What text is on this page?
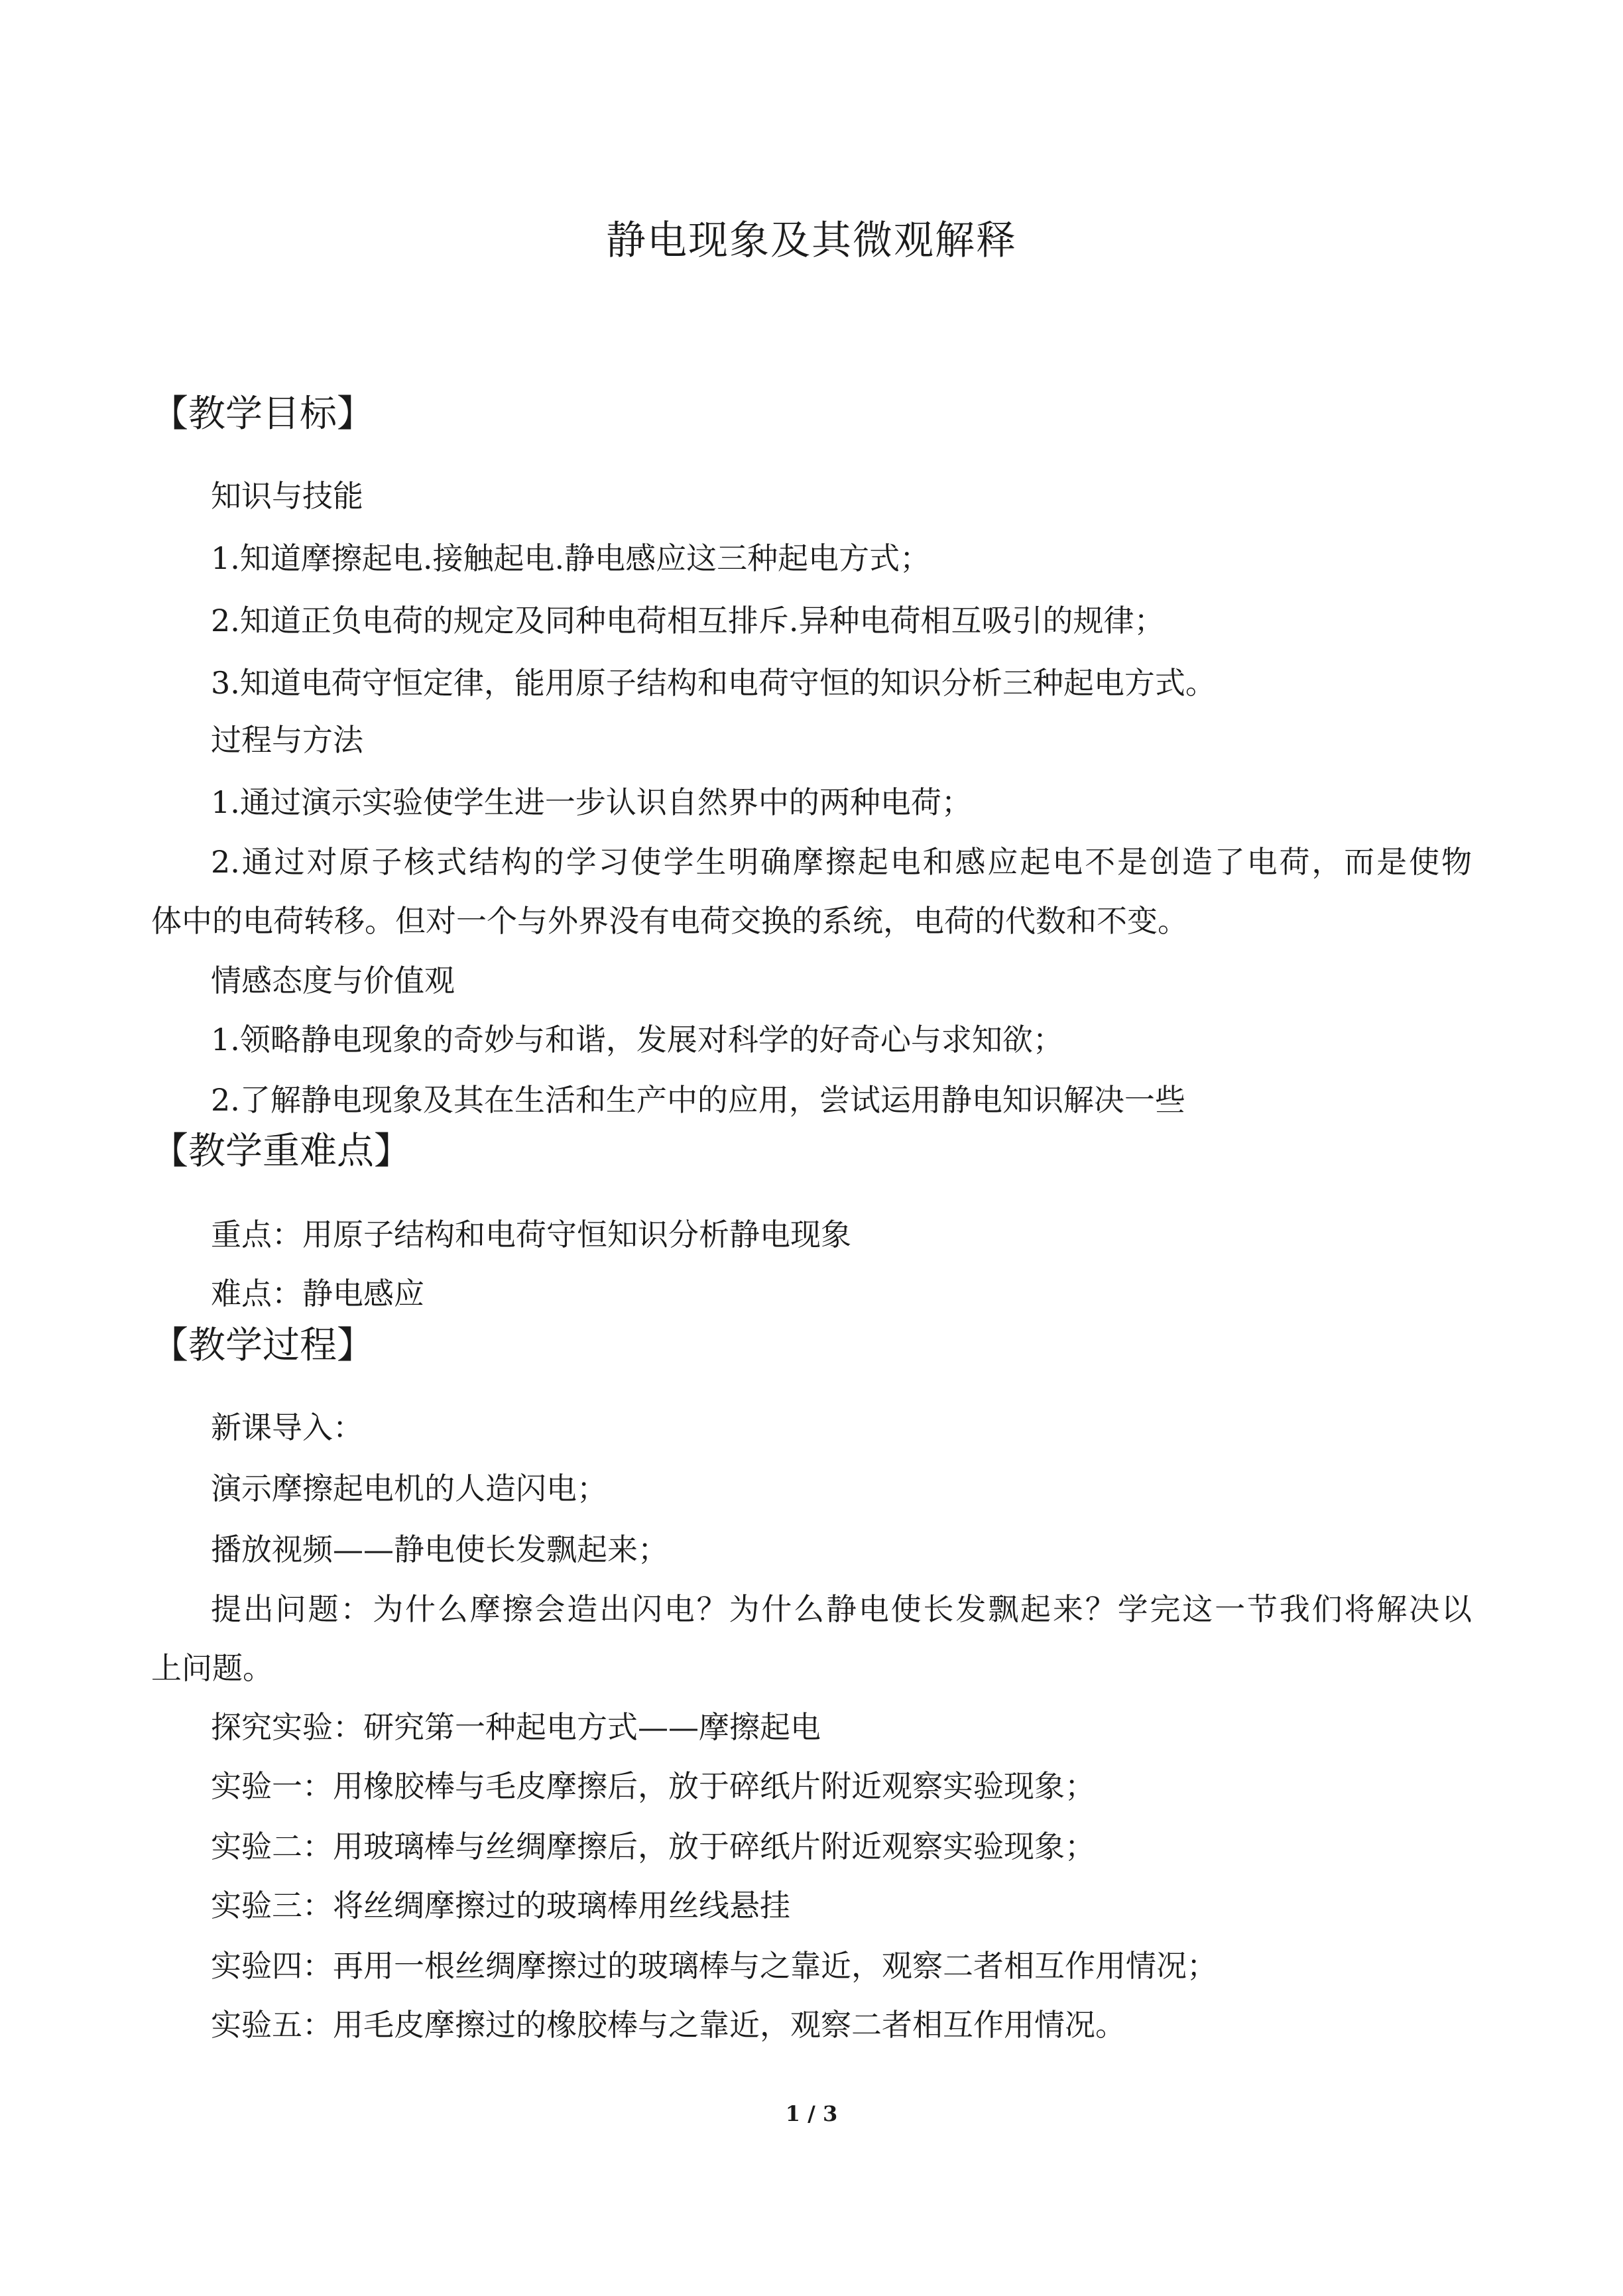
静电现象及其微观解释
【教学目标】
知识与技能
1.知道摩擦起电.接触起电.静电感应这三种起电方式；
2.知道正负电荷的规定及同种电荷相互排斥.异种电荷相互吸引的规律；
3.知道电荷守恒定律，能用原子结构和电荷守恒的知识分析三种起电方式。
过程与方法
1.通过演示实验使学生进一步认识自然界中的两种电荷；
2.通过对原子核式结构的学习使学生明确摩擦起电和感应起电不是创造了电荷，而是使物
体中的电荷转移。但对一个与外界没有电荷交换的系统，电荷的代数和不变。
情感态度与价值观
1.领略静电现象的奇妙与和谐，发展对科学的好奇心与求知欲；
2.了解静电现象及其在生活和生产中的应用，尝试运用静电知识解决一些
【教学重难点】
重点：用原子结构和电荷守恒知识分析静电现象
难点：静电感应
【教学过程】
新课导入：
演示摩擦起电机的人造闪电；
播放视频——静电使长发飘起来；
提出问题：为什么摩擦会造出闪电？为什么静电使长发飘起来？学完这一节我们将解决以
上问题。
探究实验：研究第一种起电方式——摩擦起电
实验一：用橡胶棒与毛皮摩擦后，放于碎纸片附近观察实验现象；
实验二：用玻璃棒与丝绸摩擦后，放于碎纸片附近观察实验现象；
实验三：将丝绸摩擦过的玻璃棒用丝线悬挂
实验四：再用一根丝绸摩擦过的玻璃棒与之靠近，观察二者相互作用情况；
实验五：用毛皮摩擦过的橡胶棒与之靠近，观察二者相互作用情况。
1 / 3
